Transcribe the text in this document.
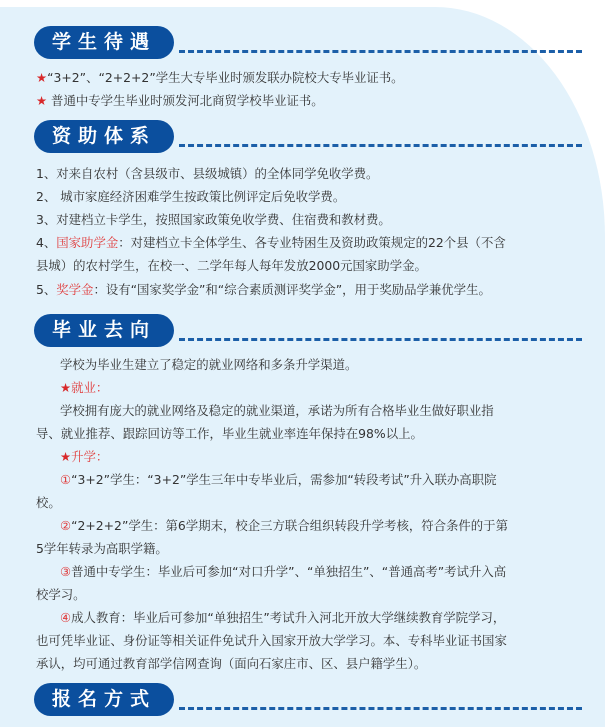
学生待遇
★“3+2”、“2+2+2”学生大专毕业时颁发联办院校大专毕业证书。
★ 普通中专学生毕业时颁发河北商贸学校毕业证书。
资助体系
1、对来自农村（含县级市、县级城镇）的全体同学免收学费。
2、 城市家庭经济困难学生按政策比例评定后免收学费。
3、对建档立卡学生，按照国家政策免收学费、住宿费和教材费。
4、国家助学金：对建档立卡全体学生、各专业特困生及资助政策规定的22个县（不含
县城）的农村学生，在校一、二学年每人每年发放2000元国家助学金。
5、奖学金：设有“国家奖学金”和“综合素质测评奖学金”，用于奖励品学兼优学生。
毕业去向
学校为毕业生建立了稳定的就业网络和多条升学渠道。
★就业：
学校拥有庞大的就业网络及稳定的就业渠道，承诺为所有合格毕业生做好职业指
导、就业推荐、跟踪回访等工作，毕业生就业率连年保持在98%以上。
★升学：
①“3+2”学生：“3+2”学生三年中专毕业后，需参加“转段考试”升入联办高职院
校。
②“2+2+2”学生：第6学期末，校企三方联合组织转段升学考核，符合条件的于第
5学年转录为高职学籍。
③普通中专学生：毕业后可参加“对口升学”、“单独招生”、“普通高考”考试升入高
校学习。
④成人教育：毕业后可参加“单独招生”考试升入河北开放大学继续教育学院学习，
也可凭毕业证、身份证等相关证件免试升入国家开放大学学习。本、专科毕业证书国家
承认，均可通过教育部学信网查询（面向石家庄市、区、县户籍学生）。
报名方式
